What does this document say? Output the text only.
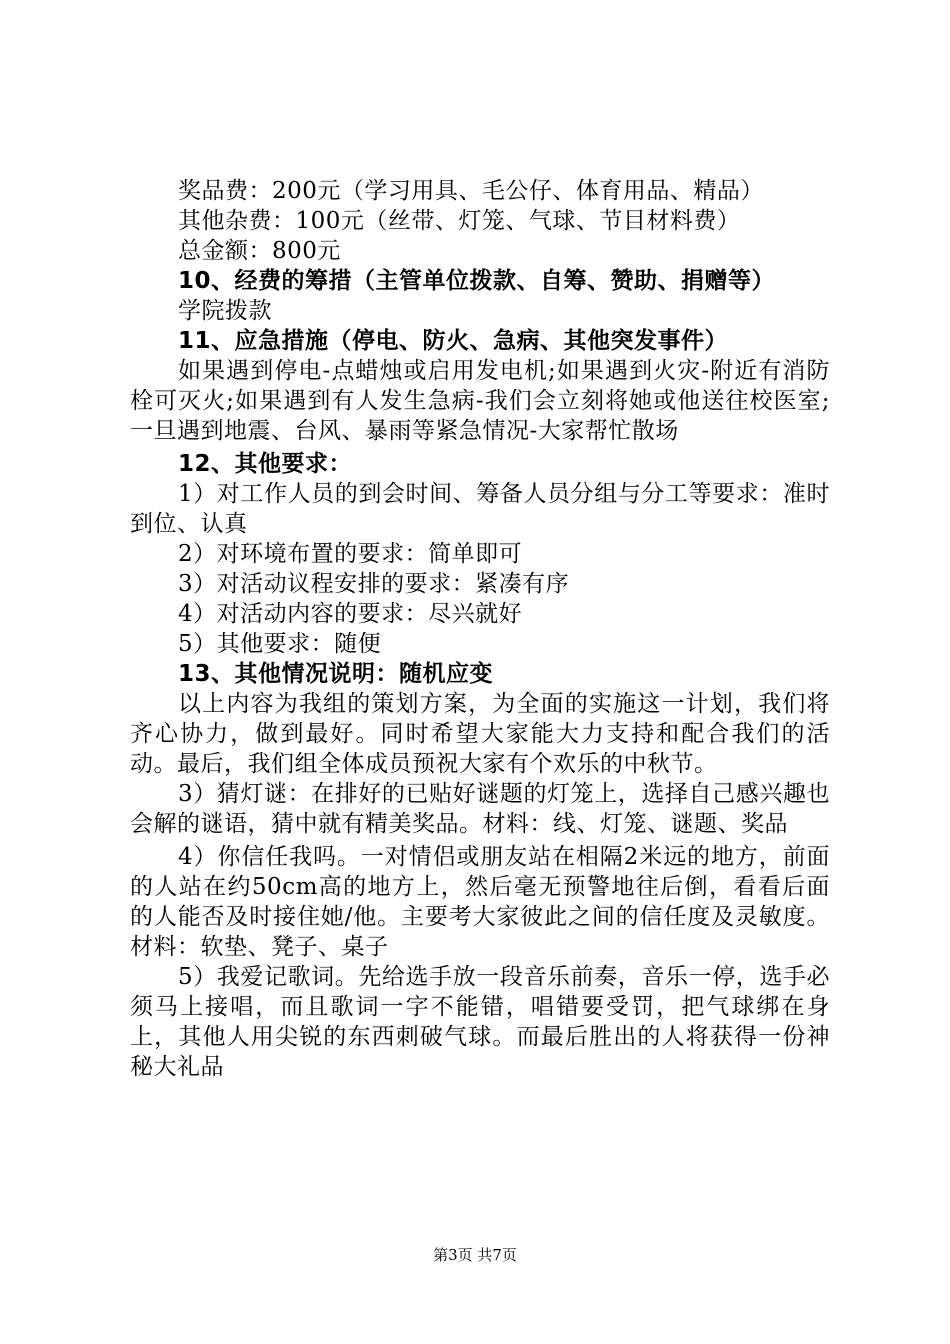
奖品费：200元（学习用具、毛公仔、体育用品、精品）

其他杂费：100元（丝带、灯笼、气球、节目材料费）

总金额：800元

10、经费的筹措（主管单位拨款、自筹、赞助、捐赠等）

学院拨款

11、应急措施（停电、防火、急病、其他突发事件）

如果遇到停电-点蜡烛或启用发电机;如果遇到火灾-附近有消防栓可灭火;如果遇到有人发生急病-我们会立刻将她或他送往校医室;一旦遇到地震、台风、暴雨等紧急情况-大家帮忙散场

12、其他要求：

1）对工作人员的到会时间、筹备人员分组与分工等要求：准时到位、认真

2）对环境布置的要求：简单即可

3）对活动议程安排的要求：紧凑有序

4）对活动内容的要求：尽兴就好

5）其他要求：随便

13、其他情况说明：随机应变

以上内容为我组的策划方案，为全面的实施这一计划，我们将齐心协力，做到最好。同时希望大家能大力支持和配合我们的活动。最后，我们组全体成员预祝大家有个欢乐的中秋节。

3）猜灯谜：在排好的已贴好谜题的灯笼上，选择自己感兴趣也会解的谜语，猜中就有精美奖品。材料：线、灯笼、谜题、奖品

4）你信任我吗。一对情侣或朋友站在相隔2米远的地方，前面的人站在约50cm高的地方上，然后毫无预警地往后倒，看看后面的人能否及时接住她/他。主要考大家彼此之间的信任度及灵敏度。材料：软垫、凳子、桌子

5）我爱记歌词。先给选手放一段音乐前奏，音乐一停，选手必须马上接唱，而且歌词一字不能错，唱错要受罚，把气球绑在身上，其他人用尖锐的东西刺破气球。而最后胜出的人将获得一份神秘大礼品

第3页 共7页
